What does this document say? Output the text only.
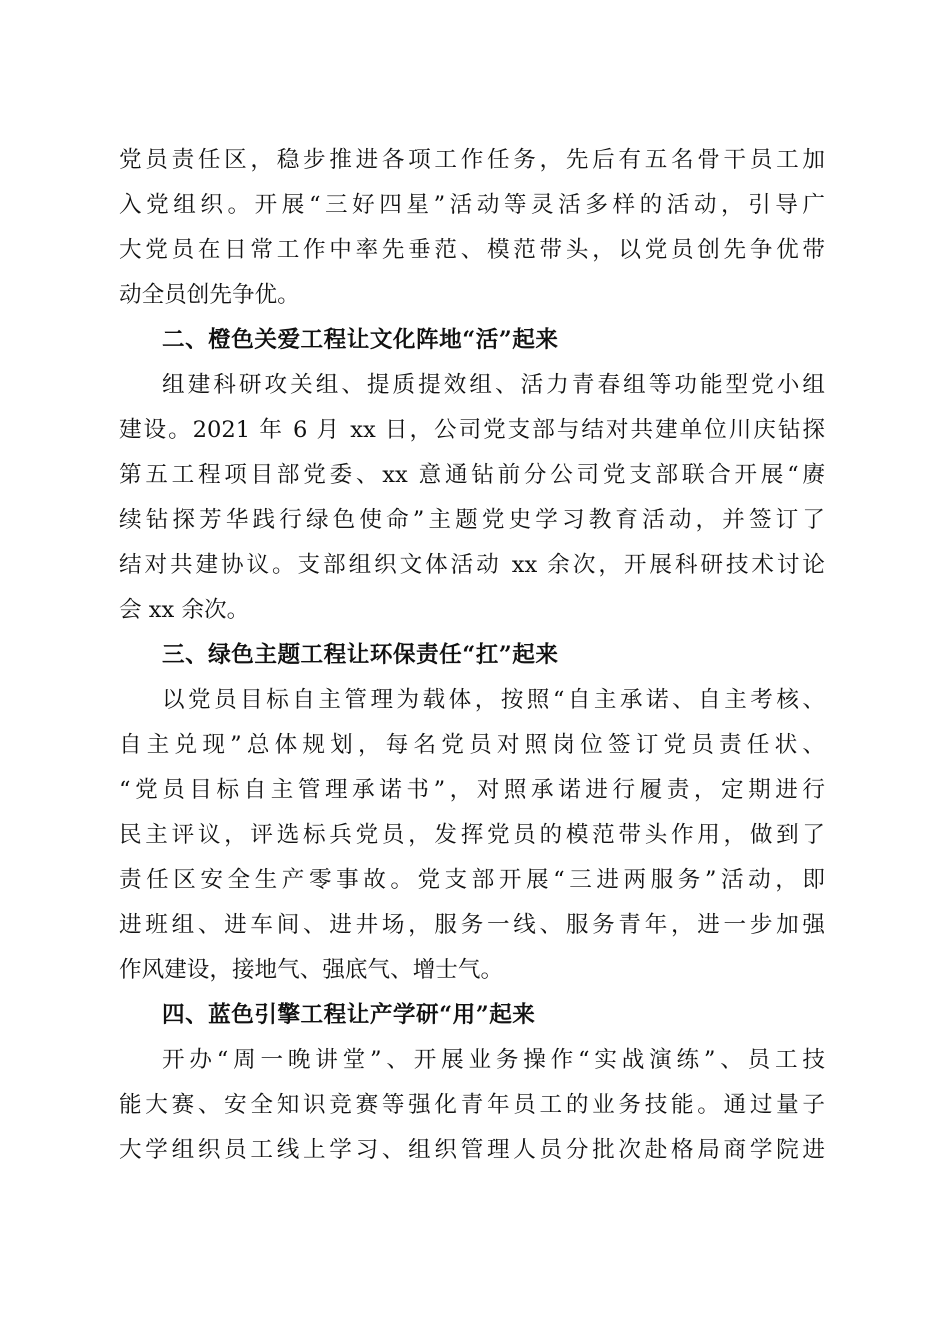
党员责任区，稳步推进各项工作任务，先后有五名骨干员工加
入党组织。开展“三好四星”活动等灵活多样的活动，引导广
大党员在日常工作中率先垂范、模范带头，以党员创先争优带
动全员创先争优。
二、橙色关爱工程让文化阵地“活”起来
组建科研攻关组、提质提效组、活力青春组等功能型党小组
建设。2021 年 6 月 xx 日，公司党支部与结对共建单位川庆钻探
第五工程项目部党委、xx 意通钻前分公司党支部联合开展“赓
续钻探芳华践行绿色使命”主题党史学习教育活动，并签订了
结对共建协议。支部组织文体活动 xx 余次，开展科研技术讨论
会 xx 余次。
三、绿色主题工程让环保责任“扛”起来
以党员目标自主管理为载体，按照“自主承诺、自主考核、
自主兑现”总体规划，每名党员对照岗位签订党员责任状、
“党员目标自主管理承诺书”，对照承诺进行履责，定期进行
民主评议，评选标兵党员，发挥党员的模范带头作用，做到了
责任区安全生产零事故。党支部开展“三进两服务”活动，即
进班组、进车间、进井场，服务一线、服务青年，进一步加强
作风建设，接地气、强底气、增士气。
四、蓝色引擎工程让产学研“用”起来
开办“周一晚讲堂”、开展业务操作“实战演练”、员工技
能大赛、安全知识竞赛等强化青年员工的业务技能。通过量子
大学组织员工线上学习、组织管理人员分批次赴格局商学院进
